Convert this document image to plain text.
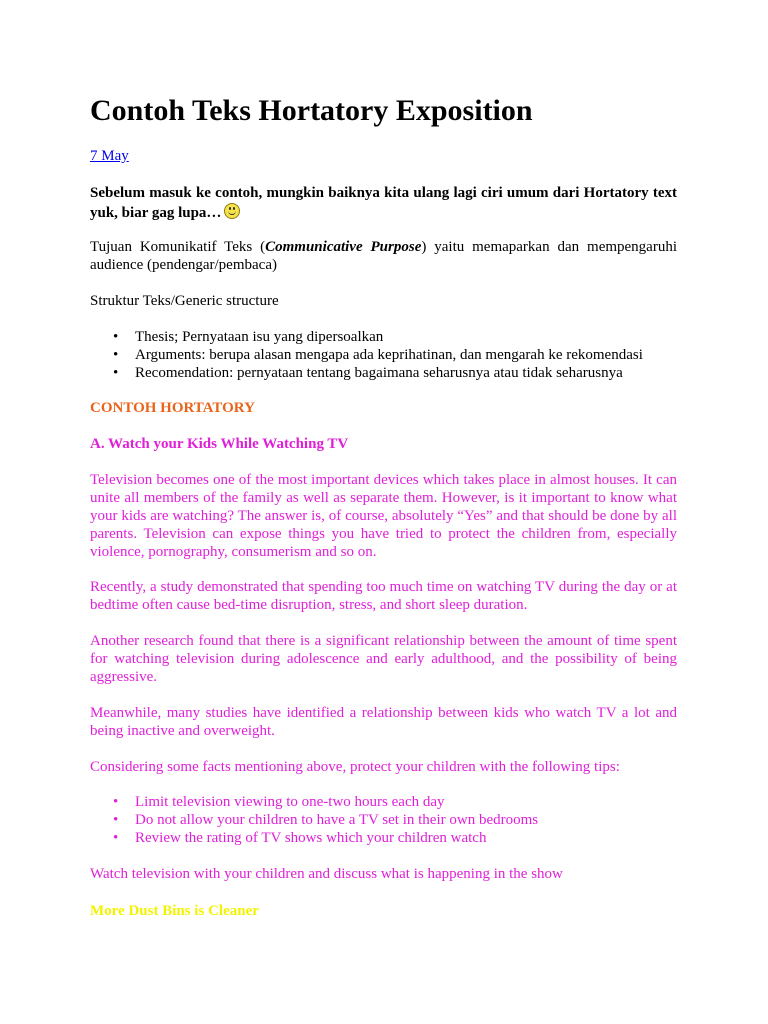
Contoh Teks Hortatory Exposition
7 May

Sebelum masuk ke contoh, mungkin baiknya kita ulang lagi ciri umum dari Hortatory text yuk, biar gag lupa…

Tujuan Komunikatif Teks (Communicative Purpose) yaitu memaparkan dan mempengaruhi audience (pendengar/pembaca)

Struktur Teks/Generic structure

• Thesis; Pernyataan isu yang dipersoalkan
• Arguments: berupa alasan mengapa ada keprihatinan, dan mengarah ke rekomendasi
• Recomendation: pernyataan tentang bagaimana seharusnya atau tidak seharusnya

CONTOH HORTATORY

A. Watch your Kids While Watching TV

Television becomes one of the most important devices which takes place in almost houses. It can unite all members of the family as well as separate them. However, is it important to know what your kids are watching? The answer is, of course, absolutely “Yes” and that should be done by all parents. Television can expose things you have tried to protect the children from, especially violence, pornography, consumerism and so on.

Recently, a study demonstrated that spending too much time on watching TV during the day or at bedtime often cause bed-time disruption, stress, and short sleep duration.

Another research found that there is a significant relationship between the amount of time spent for watching television during adolescence and early adulthood, and the possibility of being aggressive.

Meanwhile, many studies have identified a relationship between kids who watch TV a lot and being inactive and overweight.

Considering some facts mentioning above, protect your children with the following tips:

• Limit television viewing to one-two hours each day
• Do not allow your children to have a TV set in their own bedrooms
• Review the rating of TV shows which your children watch

Watch television with your children and discuss what is happening in the show

More Dust Bins is Cleaner
